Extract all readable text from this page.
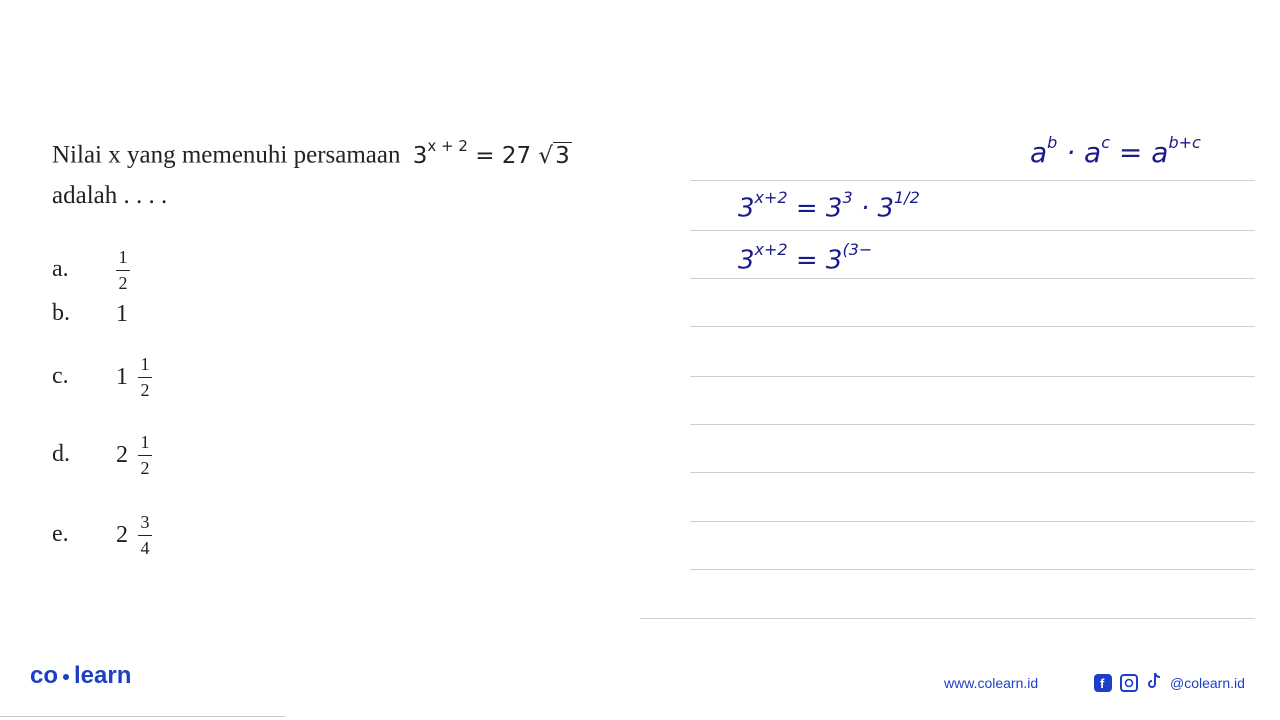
Nilai x yang memenuhi persamaan $3^{x + 2} = 27$ √3
adalah . . . .
a.	$\frac{1}{2}$
b. 1
c. $1 \frac{1}{2}$
d. $2 \frac{1}{2}$
e. $2 \frac{3}{4}$
$a^b \cdot a^c = a^{b+c}$
$3^{x+2} = 3^3 \cdot 3^{1/2}$
$3^{x+2} = 3^{(3-}$
co learn	www.colearn.id	f	@colearn.id
